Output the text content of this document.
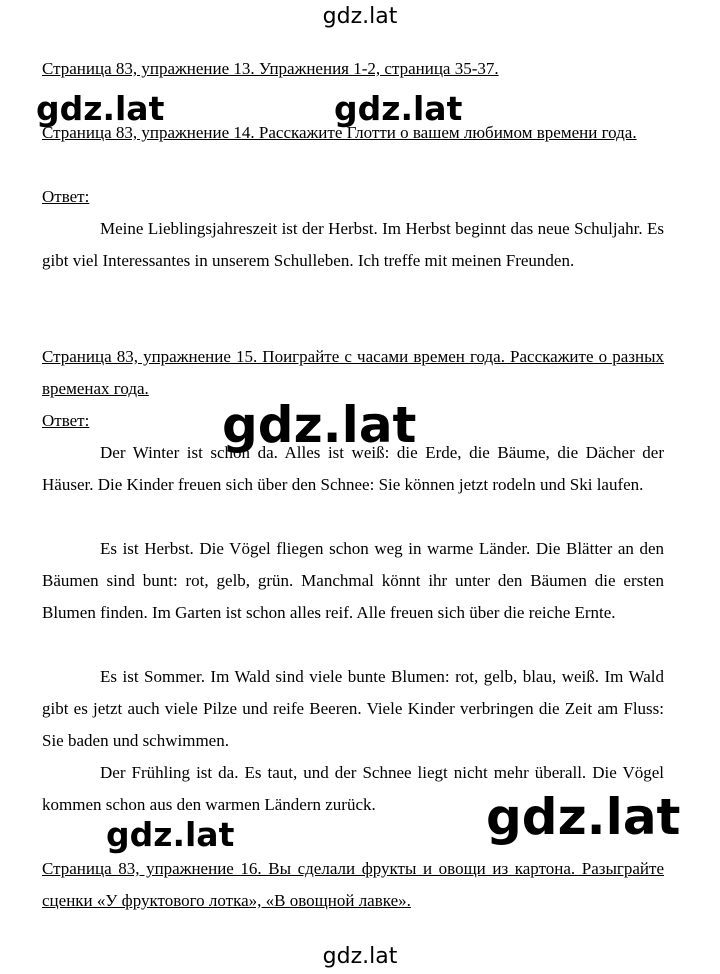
gdz.lat
gdz.lat	gdz.lat
gdz.lat
gdz.lat	gdz.lat
gdz.lat
Страница 83, упражнение 13. Упражнения 1-2, страница 35-37.
Страница 83, упражнение 14. Расскажите Глотти о вашем любимом времени года.
Ответ:
Meine Lieblingsjahreszeit ist der Herbst. Im Herbst beginnt das neue Schuljahr. Es gibt viel Interessantes in unserem Schulleben. Ich treffe mit meinen Freunden.
Страница 83, упражнение 15. Поиграйте с часами времен года. Расскажите о разных временах года.
Ответ:
Der Winter ist schon da. Alles ist weiß: die Erde, die Bäume, die Dächer der Häuser. Die Kinder freuen sich über den Schnee: Sie können jetzt rodeln und Ski laufen.
Es ist Herbst. Die Vögel fliegen schon weg in warme Länder. Die Blätter an den Bäumen sind bunt: rot, gelb, grün. Manchmal könnt ihr unter den Bäumen die ersten Blumen finden. Im Garten ist schon alles reif. Alle freuen sich über die reiche Ernte.
Es ist Sommer. Im Wald sind viele bunte Blumen: rot, gelb, blau, weiß. Im Wald gibt es jetzt auch viele Pilze und reife Beeren. Viele Kinder verbringen die Zeit am Fluss: Sie baden und schwimmen.
Der Frühling ist da. Es taut, und der Schnee liegt nicht mehr überall. Die Vögel kommen schon aus den warmen Ländern zurück.
Страница 83, упражнение 16. Вы сделали фрукты и овощи из картона. Разыграйте сценки «У фруктового лотка», «В овощной лавке».
